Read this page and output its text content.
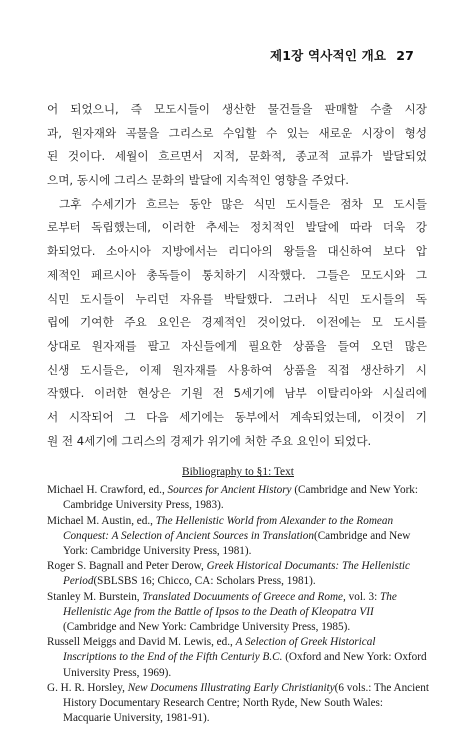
제1장 역사적인 개요 27
어 되었으니, 즉 모도시들이 생산한 물건들을 판매할 수출 시장
과, 원자재와 곡물을 그리스로 수입할 수 있는 새로운 시장이 형성
된 것이다. 세월이 흐르면서 지적, 문화적, 종교적 교류가 발달되었
으며, 동시에 그리스 문화의 발달에 지속적인 영향을 주었다.
그후 수세기가 흐르는 동안 많은 식민 도시들은 점차 모 도시들
로부터 독립했는데, 이러한 추세는 정치적인 발달에 따라 더욱 강
화되었다. 소아시아 지방에서는 리디아의 왕들을 대신하여 보다 압
제적인 페르시아 총독들이 통치하기 시작했다. 그들은 모도시와 그
식민 도시들이 누리던 자유를 박탈했다. 그러나 식민 도시들의 독
립에 기여한 주요 요인은 경제적인 것이었다. 이전에는 모 도시를
상대로 원자재를 팔고 자신들에게 필요한 상품을 들여 오던 많은
신생 도시들은, 이제 원자재를 사용하여 상품을 직접 생산하기 시
작했다. 이러한 현상은 기원 전 5세기에 남부 이탈리아와 시실리에
서 시작되어 그 다음 세기에는 동부에서 계속되었는데, 이것이 기
원 전 4세기에 그리스의 경제가 위기에 처한 주요 요인이 되었다.
Bibliography to §1: Text
Michael H. Crawford, ed., Sources for Ancient History (Cambridge and New York: Cambridge University Press, 1983).
Michael M. Austin, ed., The Hellenistic World from Alexander to the Romean Conquest: A Selection of Ancient Sources in Translation(Cambridge and New York: Cambridge University Press, 1981).
Roger S. Bagnall and Peter Derow, Greek Historical Documants: The Hellenistic Period(SBLSBS 16; Chicco, CA: Scholars Press, 1981).
Stanley M. Burstein, Translated Docuuments of Greece and Rome, vol. 3: The Hellenistic Age from the Battle of Ipsos to the Death of Kleopatra VII (Cambridge and New York: Cambridge University Press, 1985).
Russell Meiggs and David M. Lewis, ed., A Selection of Greek Historical Inscriptions to the End of the Fifth Centuriy B.C. (Oxford and New York: Oxford University Press, 1969).
G. H. R. Horsley, New Documens Illustrating Early Christianity(6 vols.: The Ancient History Documentary Research Centre; North Ryde, New South Wales: Macquarie University, 1981-91).
